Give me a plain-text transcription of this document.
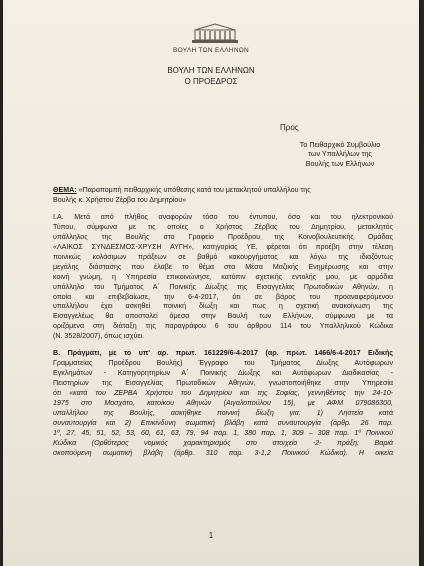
ΒΟΥΛΗ ΤΩΝ ΕΛΛΗΝΩΝ
ΒΟΥΛΗ ΤΩΝ ΕΛΛΗΝΩΝ
Ο ΠΡΟΕΔΡΟΣ
Προς
Το Πειθαρχικό Συμβούλιο
των Υπαλλήλων της
Βουλής των Ελλήνων
ΘΕΜΑ: «Παραπομπή πειθαρχικής υπόθεσης κατά του μετακλητού υπαλλήλου της
Βουλής κ. Χρήστου Ζέρβα του Δημητρίου»
Ι.Α. Μετά από πλήθος αναφορών τόσο του έντυπου, όσο και του ηλεκτρονικού
Τύπου, σύμφωνα με τις οποίες ο Χρήστος Ζέρβας του Δημητρίου, μετακλητός
υπάλληλος της Βουλής στο Γραφείο Προέδρου της Κοινοβουλευτικής Ομάδας
«ΛΑΙΚΟΣ ΣΥΝΔΕΣΜΟΣ-ΧΡΥΣΗ ΑΥΓΗ», κατηγορίας ΥΕ, φέρεται ότι προέβη στην τέλεση
ποινικώς κολάσιμων πράξεων σε βαθμό κακουργήματος και λόγω της ιδιαζόντως
μεγάλης διάστασης που έλαβε το θέμα στα Μέσα Μαζικής Ενημέρωσης και στην
κοινή γνώμη, η Υπηρεσία επικοινώνησε, κατόπιν σχετικής εντολής μου, με αρμόδια
υπάλληλο του Τμήματος Α΄ Ποινικής Δίωξης της Εισαγγελίας Πρωτοδικών Αθηνών, η
οποία και επιβεβαίωσε, την 6-4-2017, ότι σε βάρος του προαναφερόμενου
υπαλλήλου έχει ασκηθεί ποινική δίωξη και πως η σχετική ανακοίνωση της
Εισαγγελέως θα αποσταλεί άμεσα στην Βουλή των Ελλήνων, σύμφωνα με τα
οριζόμενα στη διάταξη της παραγράφου 6 του άρθρου 114 του Υπαλληλικού Κώδικα
(Ν. 3528/2007), όπως ισχύει.
Β. Πράγματι, με το υπ' αρ. πρωτ. 161229/6-4-2017 (αρ. πρωτ. 1466/6-4-2017 Ειδικής
Γραμματείας Προέδρου Βουλής) Έγγραφο του Τμήματος Δίωξης Αυτόφωρων
Εγκλημάτων - Κατηγορητηρίων Α΄ Ποινικής Δίωξης και Αυτόφωρων Διαδικασίας -
Πειστηρίων της Εισαγγελίας Πρωτοδικών Αθηνών, γνωστοποιήθηκε στην Υπηρεσία
ότι «κατά του ΖΕΡΒΑ Χρήστου του Δημητρίου και της Σοφίας, γεννηθέντος την 24-10-
1975 στο Μοσχάτο, κατοίκου Αθηνών (Αιγαλοπούλου 15), με ΑΦΜ 079086300,
υπαλλήλου της Βουλής, ασκήθηκε ποινική δίωξη για: 1) Ληστεία κατά
συναυτουργία και 2) Επικίνδυνη σωματική βλάβη κατά συναυτουργία (άρθρ. 26 παρ.
1º, 27, 45, 51, 52, 53, 60, 61, 63, 79, 94 παρ. 1, 380 παρ. 1, 309 – 308 παρ. 1º Ποινικού
Κώδικα (Ορθότερος νομικός χαρακτηρισμός στο στοιχείο -2- πράξη: Βαριά
σκοπούμενη σωματική βλάβη (άρθρ. 310 παρ. 3-1,2 Ποινικού Κώδικα). Η οικεία
1
